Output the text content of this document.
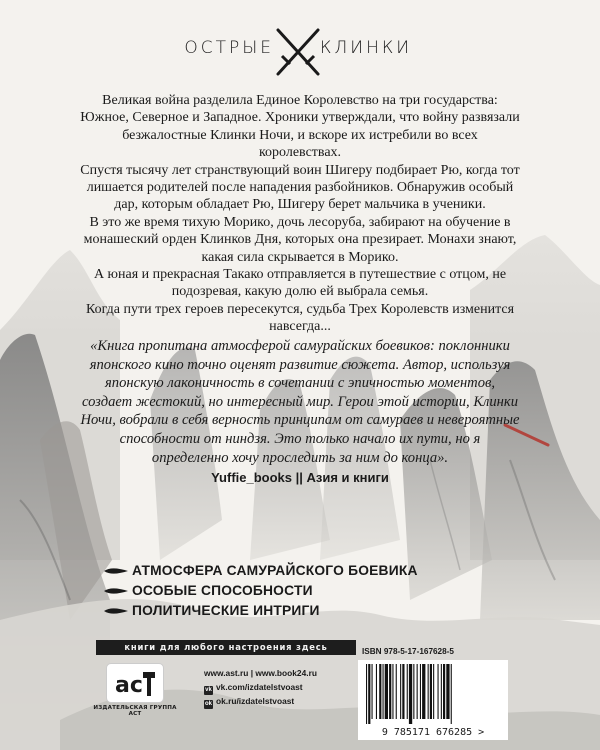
ОСТРЫЕ	КЛИНКИ

Великая война разделила Единое Королевство на три государства: Южное, Северное и Западное. Хроники утверждали, что войну развязали безжалостные Клинки Ночи, и вскоре их истребили во всех королевствах.

Спустя тысячу лет странствующий воин Шигеру подбирает Рю, когда тот лишается родителей после нападения разбойников. Обнаружив особый дар, которым обладает Рю, Шигеру берет мальчика в ученики.

В это же время тихую Морико, дочь лесоруба, забирают на обучение в монашеский орден Клинков Дня, которых она презирает. Монахи знают, какая сила скрывается в Морико.

А юная и прекрасная Такако отправляется в путешествие с отцом, не подозревая, какую долю ей выбрала семья.

Когда пути трех героев пересекутся, судьба Трех Королевств изменится навсегда...

«Книга пропитана атмосферой самурайских боевиков: поклонники японского кино точно оценят развитие сюжета. Автор, используя японскую лаконичность в сочетании с эпичностью моментов, создает жестокий, но интересный мир. Герои этой истории, Клинки Ночи, вобрали в себя верность принципам от самураев и невероятные способности от ниндзя. Это только начало их пути, но я определенно хочу проследить за ним до конца».

Yuffie_books || Азия и книги
АТМОСФЕРА САМУРАЙСКОГО БОЕВИКА
ОСОБЫЕ СПОСОБНОСТИ
ПОЛИТИЧЕСКИЕ ИНТРИГИ
книги для любого настроения здесь
ac
ИЗДАТЕЛЬСКАЯ ГРУППА АСТ
www.ast.ru | www.book24.ru
vk vk.com/izdatelstvoast
ok ok.ru/izdatelstvoast
ISBN 978-5-17-167628-5
9 785171 676285 >
